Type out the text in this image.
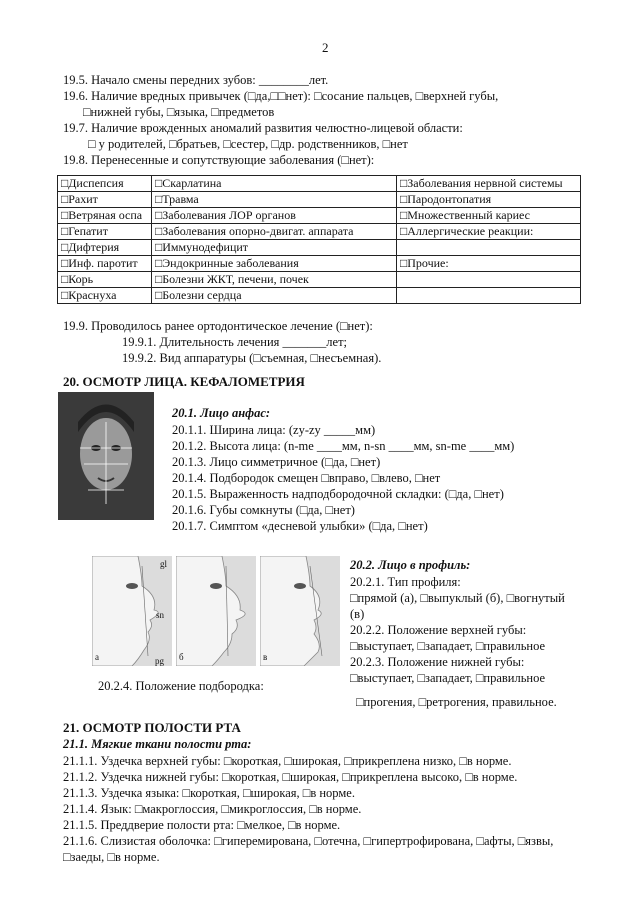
2
19.5. Начало смены передних зубов: ________лет.
19.6. Наличие вредных привычек (□да,□□нет): □сосание пальцев, □верхней губы,
□нижней губы, □языка, □предметов
19.7. Наличие врожденных аномалий развития челюстно-лицевой области:
□ у родителей, □братьев, □сестер, □др. родственников, □нет
19.8. Перенесенные и сопутствующие заболевания (□нет):
□Диспепсия	□Скарлатина	□Заболевания нервной системы
□Рахит	□Травма	□Пародонтопатия
□Ветряная оспа	□Заболевания ЛОР органов	□Множественный кариес
□Гепатит	□Заболевания опорно-двигат. аппарата	□Аллергические реакции:
□Дифтерия	□Иммунодефицит	
□Инф. паротит	□Эндокринные заболевания	□Прочие:
□Корь	□Болезни ЖКТ, печени, почек	
□Краснуха	□Болезни сердца	
19.9. Проводилось ранее ортодонтическое лечение (□нет):
19.9.1. Длительность лечения _______лет;
19.9.2. Вид аппаратуры (□съемная, □несъемная).
20. ОСМОТР ЛИЦА. КЕФАЛОМЕТРИЯ
20.1. Лицо анфас:
20.1.1. Ширина лица: (zy-zy _____мм)
20.1.2. Высота лица: (n-me ____мм, n-sn ____мм, sn-me ____мм)
20.1.3. Лицо симметричное (□да, □нет)
20.1.4. Подбородок смещен □вправо, □влево, □нет
20.1.5. Выраженность надподбородочной складки: (□да, □нет)
20.1.6. Губы сомкнуты (□да, □нет)
20.1.7. Симптом «десневой улыбки» (□да, □нет)
а	б	в
gl
sn
pg
20.2. Лицо в профиль:
20.2.1. Тип профиля:
□прямой (а), □выпуклый (б), □вогнутый
(в)
20.2.2. Положение верхней губы:
□выступает, □западает, □правильное
20.2.3. Положение нижней губы:
□выступает, □западает, □правильное
20.2.4. Положение подбородка:
□прогения, □ретрогения, правильное.
21. ОСМОТР ПОЛОСТИ РТА
21.1. Мягкие ткани полости рта:
21.1.1. Уздечка верхней губы: □короткая, □широкая, □прикреплена низко, □в норме.
21.1.2. Уздечка нижней губы: □короткая, □широкая, □прикреплена высоко, □в норме.
21.1.3. Уздечка языка: □короткая, □широкая, □в норме.
21.1.4. Язык: □макроглоссия, □микроглоссия, □в норме.
21.1.5. Преддверие полости рта: □мелкое, □в норме.
21.1.6. Слизистая оболочка: □гиперемирована, □отечна, □гипертрофирована, □афты, □язвы,
□заеды, □в норме.
